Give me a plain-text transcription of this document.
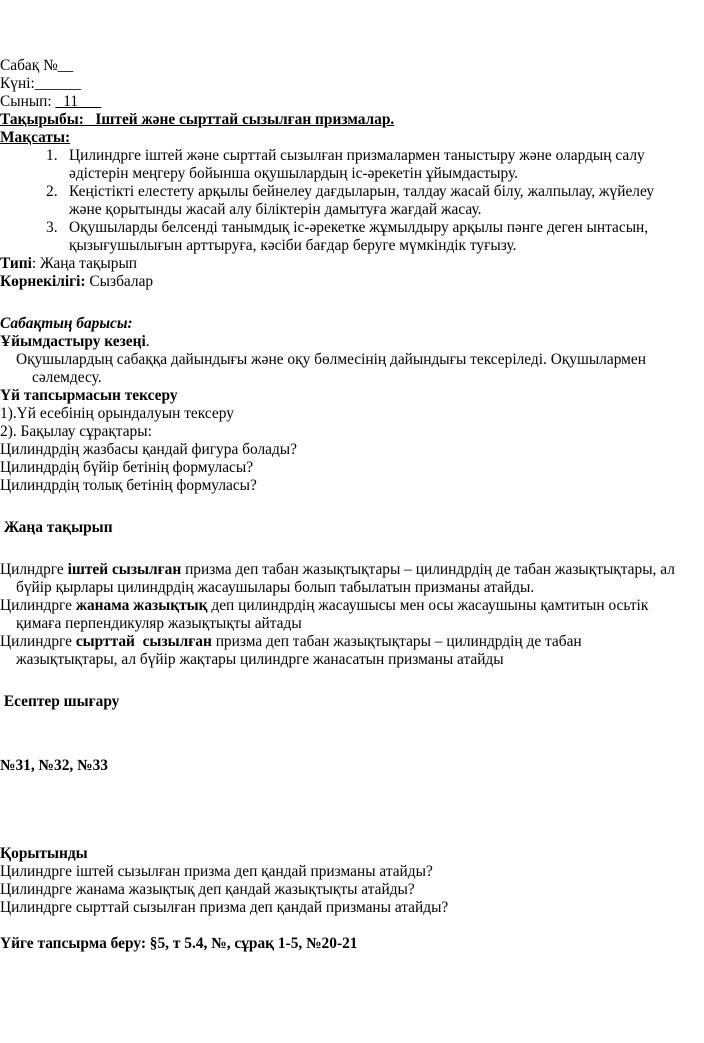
Сабақ №__
Күні:______
Сынып: _11___
Тақырыбы: Іштей және сырттай сызылған призмалар.
Мақсаты:
1. Цилиндрге іштей және сырттай сызылған призмалармен таныстыру және олардың салу
әдістерін меңгеру бойынша оқушылардың іс-әрекетін ұйымдастыру.
2. Кеңістікті елестету арқылы бейнелеу дағдыларын, талдау жасай білу, жалпылау, жүйелеу
және қорытынды жасай алу біліктерін дамытуға жағдай жасау.
3. Оқушыларды белсенді танымдық іс-әрекетке жұмылдыру арқылы пәнге деген ынтасын,
қызығушылығын арттыруға, кәсіби бағдар беруге мүмкіндік туғызу.
Типі: Жаңа тақырып
Көрнекілігі: Сызбалар
Сабақтың барысы:
Ұйымдастыру кезеңі.
Оқушылардың сабаққа дайындығы және оқу бөлмесінің дайындығы тексеріледі. Оқушылармен
сәлемдесу.
Үй тапсырмасын тексеру
1).Үй есебінің орындалуын тексеру
2). Бақылау сұрақтары:
Цилиндрдің жазбасы қандай фигура болады?
Цилиндрдің бүйір бетінің формуласы?
Цилиндрдің толық бетінің формуласы?
Жаңа тақырып
Цилндрге іштей сызылған призма деп табан жазықтықтары – цилиндрдің де табан жазықтықтары, ал
бүйір қырлары цилиндрдің жасаушылары болып табылатын призманы атайды.
Цилиндрге жанама жазықтық деп цилиндрдің жасаушысы мен осы жасаушыны қамтитын осьтік
қимаға перпендикуляр жазықтықты айтады
Цилиндрге сырттай  сызылған призма деп табан жазықтықтары – цилиндрдің де табан
жазықтықтары, ал бүйір жақтары цилиндрге жанасатын призманы атайды
Есептер шығару
№31, №32, №33
Қорытынды
Цилиндрге іштей сызылған призма деп қандай призманы атайды?
Цилиндрге жанама жазықтық деп қандай жазықтықты атайды?
Цилиндрге сырттай сызылған призма деп қандай призманы атайды?
Үйге тапсырма беру: §5, т 5.4, №, сұрақ 1-5, №20-21
